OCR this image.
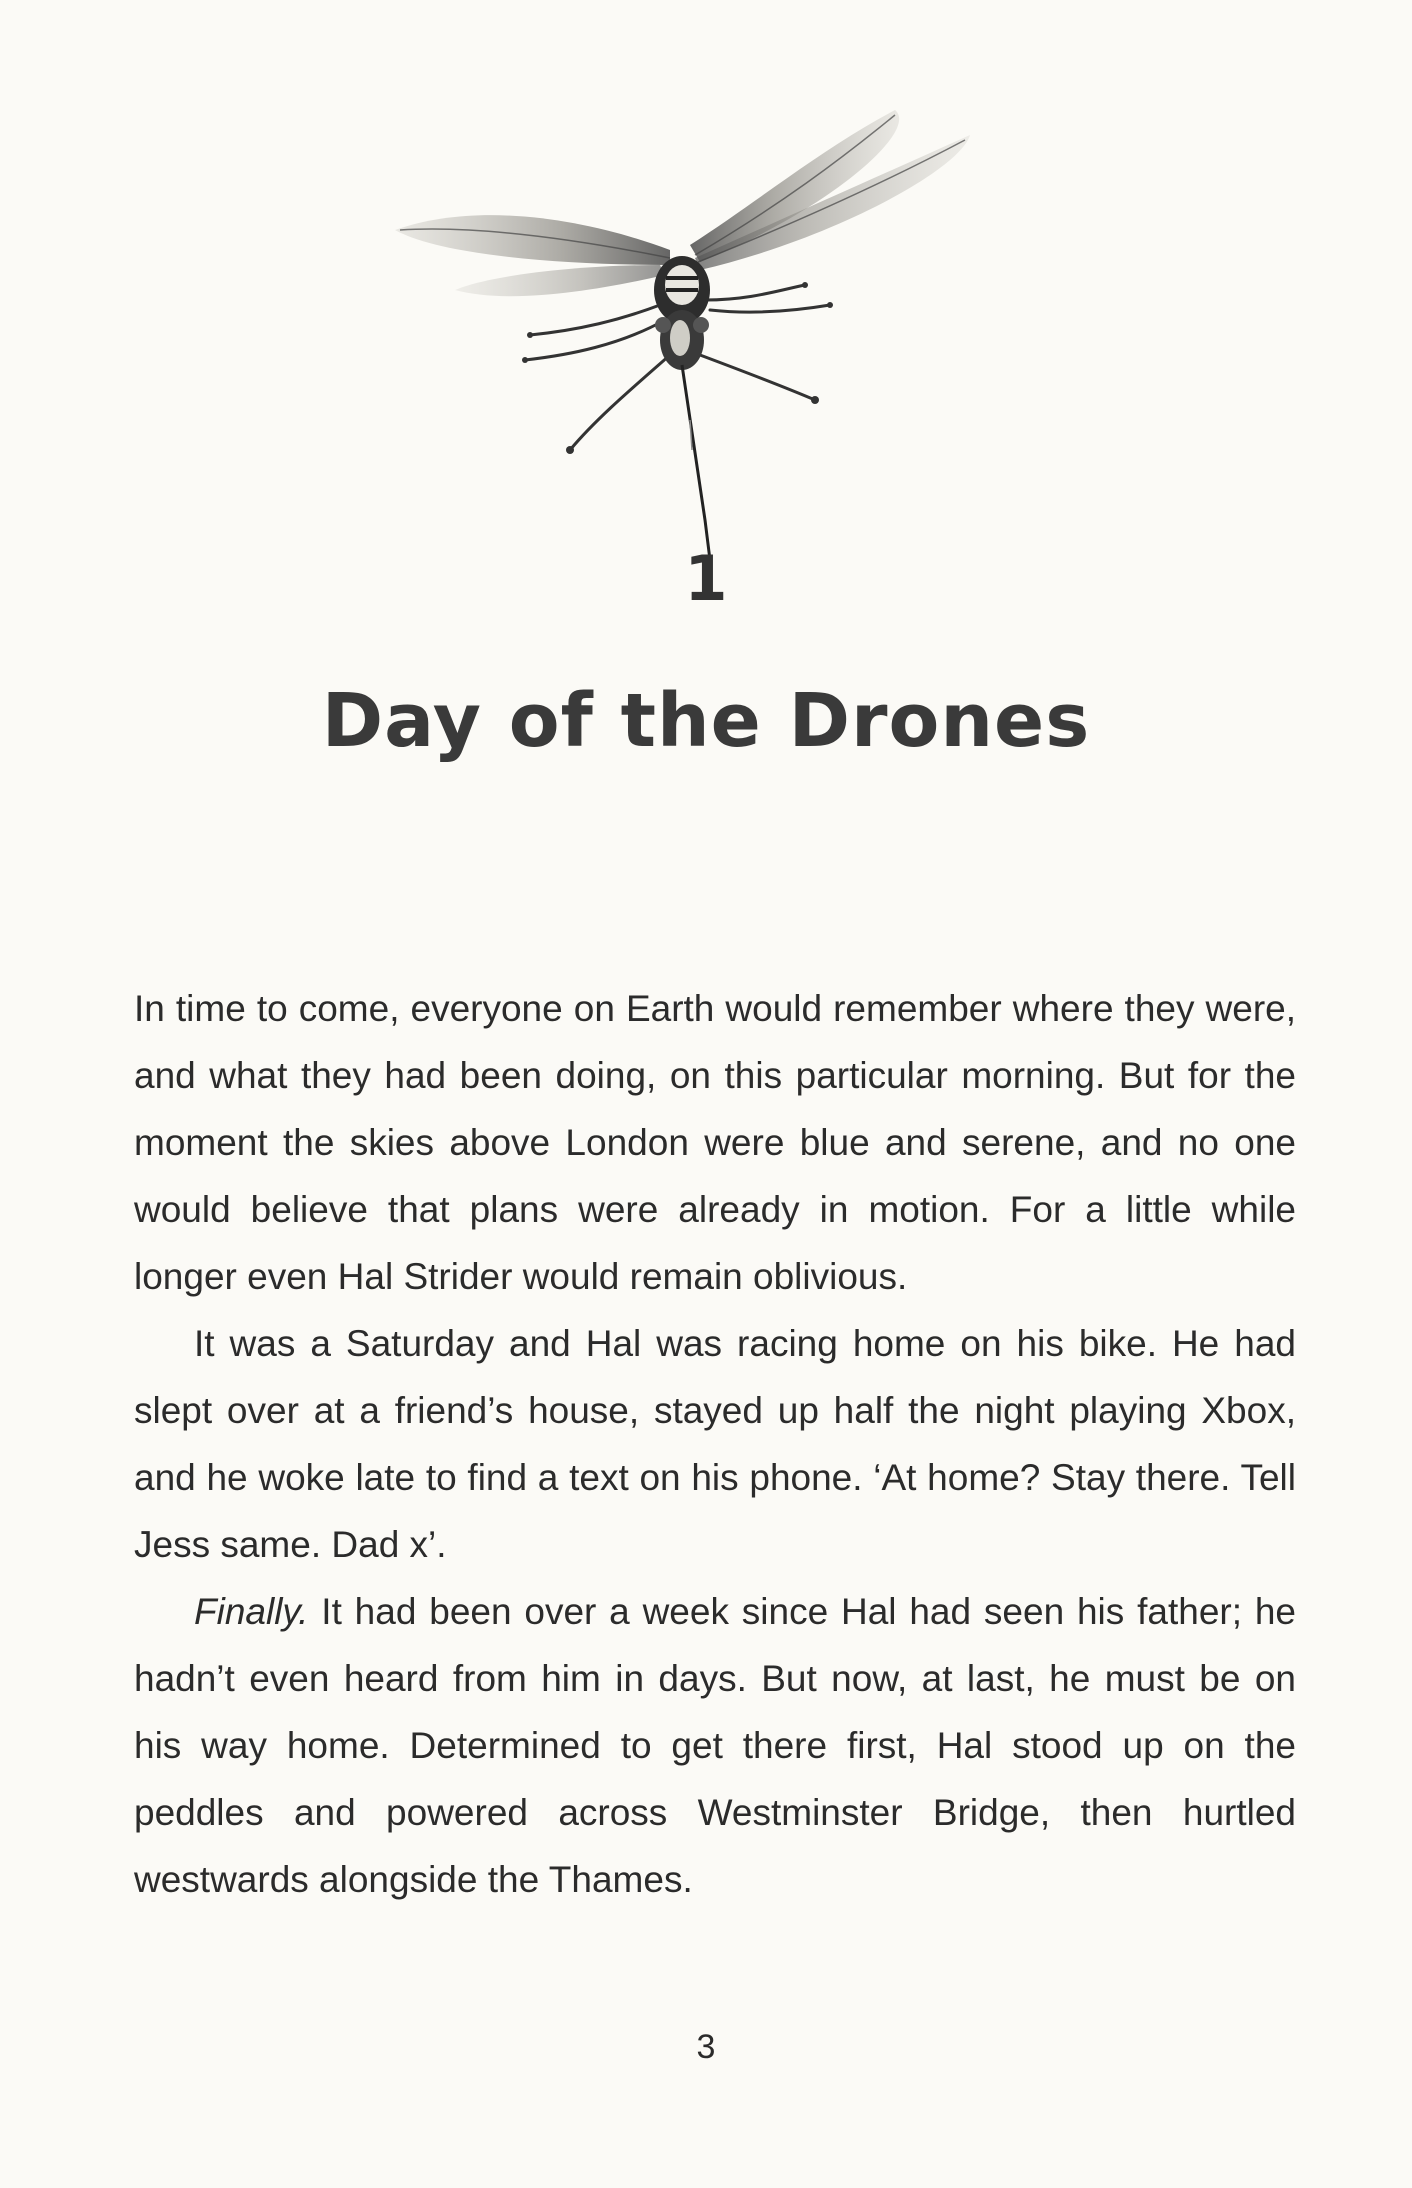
1
Day of the Drones

In time to come, everyone on Earth would remember where they were, and what they had been doing, on this particular morning. But for the moment the skies above London were blue and serene, and no one would believe that plans were already in motion. For a little while longer even Hal Strider would remain oblivious.

It was a Saturday and Hal was racing home on his bike. He had slept over at a friend’s house, stayed up half the night playing Xbox, and he woke late to find a text on his phone. ‘At home? Stay there. Tell Jess same. Dad x’.

Finally. It had been over a week since Hal had seen his father; he hadn’t even heard from him in days. But now, at last, he must be on his way home. Determined to get there first, Hal stood up on the peddles and powered across Westminster Bridge, then hurtled westwards alongside the Thames.

3
